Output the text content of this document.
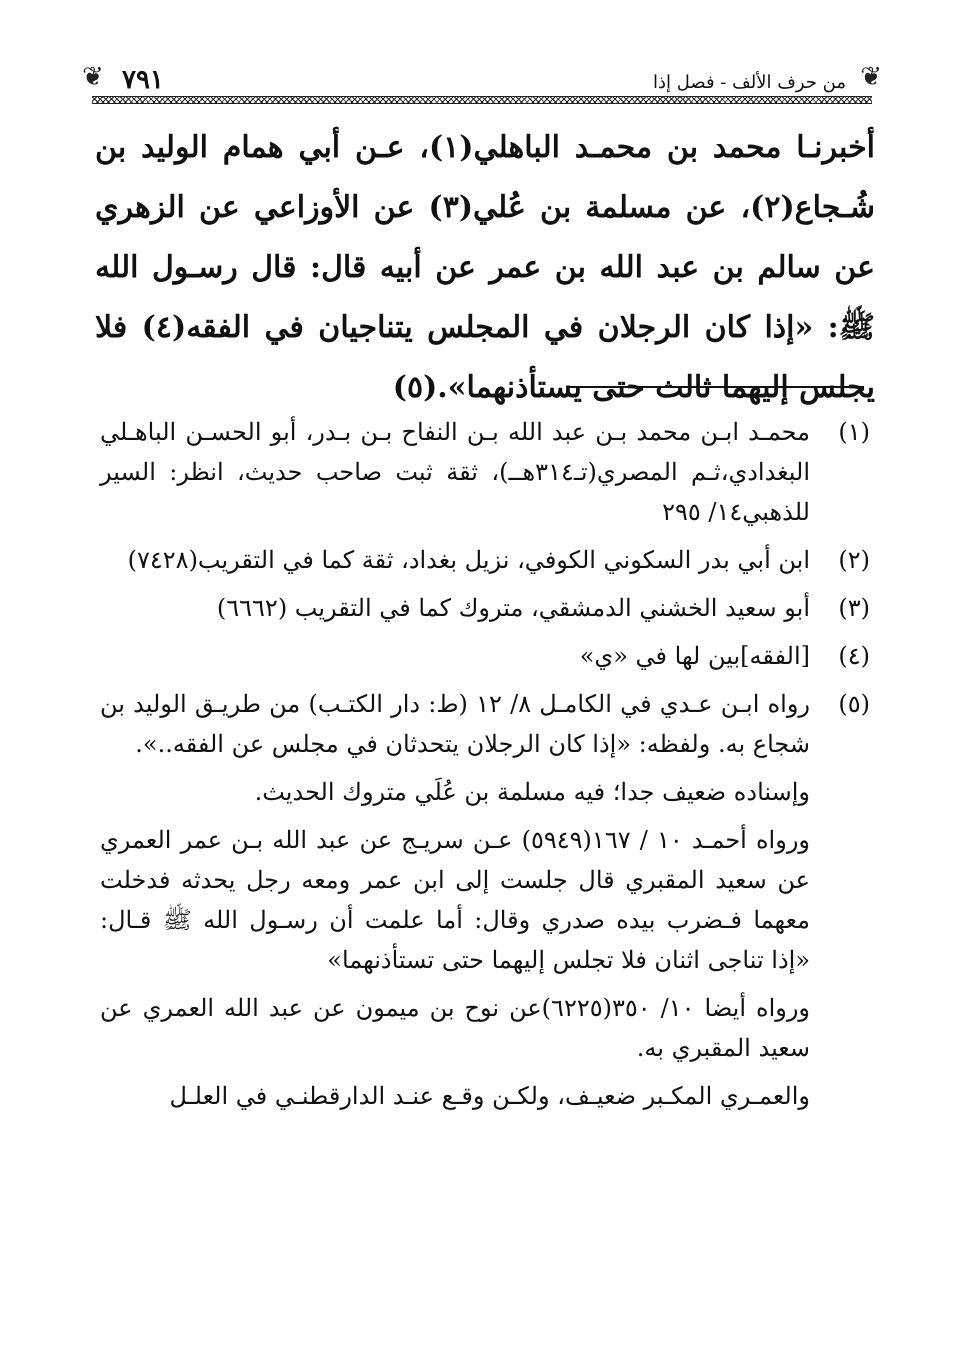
❦
من حرف الألف - فصل إذا
٧٩١
❦

أخبرنـا محمد بن محمـد الباهلي(١)، عـن أبي همام الوليد بن شُـجاع(٢)، عن مسلمة بن عُلي(٣) عن الأوزاعي عن الزهري عن سالم بن عبد الله بن عمر عن أبيه قال: قال رسـول الله ﷺ: «إذا كان الرجلان في المجلس يتناجيان في الفقه(٤) فلا يجلس إليهما ثالث حتى يستأذنهما».(٥)

(١)
محمـد ابـن محمد بـن عبد الله بـن النفاح بـن بـدر، أبو الحسـن الباهـلي البغدادي،ثـم المصري(تـ٣١٤هــ)، ثقة ثبت صاحب حديث، انظر: السير للذهبي١٤/ ٢٩٥
(٢)
ابن أبي بدر السكوني الكوفي، نزيل بغداد، ثقة كما في التقريب(٧٤٢٨)
(٣)
أبو سعيد الخشني الدمشقي، متروك كما في التقريب (٦٦٦٢)
(٤)
[الفقه]بين لها في «ي»
(٥)
رواه ابـن عـدي في الكامـل ٨/ ١٢ (ط: دار الكتـب) من طريـق الوليد بن شجاع به. ولفظه: «إذا كان الرجلان يتحدثان في مجلس عن الفقه..».
وإسناده ضعيف جدا؛ فيه مسلمة بن عُلَي متروك الحديث.
ورواه أحمـد ١٠ / ١٦٧(٥٩٤٩) عـن سريـج عن عبد الله بـن عمر العمري عن سعيد المقبري قال جلست إلى ابن عمر ومعه رجل يحدثه فدخلت معهما فـضرب بيده صدري وقال: أما علمت أن رسـول الله ﷺ قـال: «إذا تناجى اثنان فلا تجلس إليهما حتى تستأذنهما»
ورواه أيضا ١٠/ ٣٥٠(٦٢٢٥)عن نوح بن ميمون عن عبد الله العمري عن سعيد المقبري به.
والعمـري المكـبر ضعيـف، ولكـن وقـع عنـد الدارقطنـي في العلـل
